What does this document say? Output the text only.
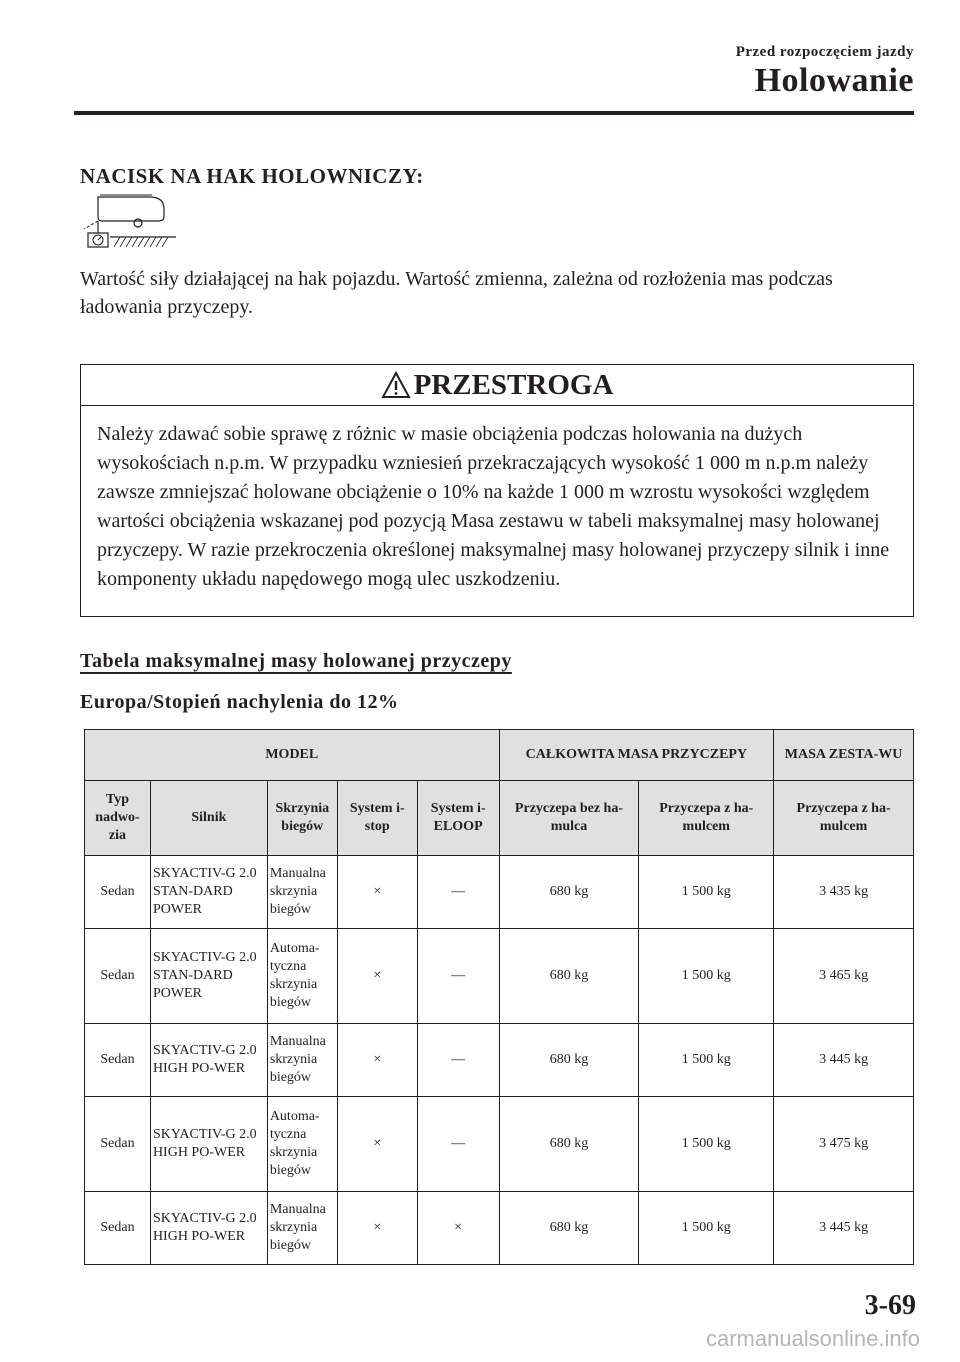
Przed rozpoczęciem jazdy
Holowanie
NACISK NA HAK HOLOWNICZY:
Wartość siły działającej na hak pojazdu. Wartość zmienna, zależna od rozłożenia mas podczas ładowania przyczepy.
PRZESTROGA
Należy zdawać sobie sprawę z różnic w masie obciążenia podczas holowania na dużych wysokościach n.p.m. W przypadku wzniesień przekraczających wysokość 1 000 m n.p.m należy zawsze zmniejszać holowane obciążenie o 10% na każde 1 000 m wzrostu wysokości względem wartości obciążenia wskazanej pod pozycją Masa zestawu w tabeli maksymalnej masy holowanej przyczepy. W razie przekroczenia określonej maksymalnej masy holowanej przyczepy silnik i inne komponenty układu napędowego mogą ulec uszkodzeniu.
Tabela maksymalnej masy holowanej przyczepy
Europa/Stopień nachylenia do 12%
MODEL					CAŁKOWITA MASA PRZYCZEPY		MASA ZESTA-WU
Typ nadwo-zia	Silnik	Skrzynia biegów	System i-stop	System i-ELOOP	Przyczepa bez ha-mulca	Przyczepa z ha-mulcem	Przyczepa z ha-mulcem
Sedan	SKYACTIV-G 2.0 STAN-DARD POWER	Manualna skrzynia biegów	×	—	680 kg	1 500 kg	3 435 kg
Sedan	SKYACTIV-G 2.0 STAN-DARD POWER	Automa-tyczna skrzynia biegów	×	—	680 kg	1 500 kg	3 465 kg
Sedan	SKYACTIV-G 2.0 HIGH PO-WER	Manualna skrzynia biegów	×	—	680 kg	1 500 kg	3 445 kg
Sedan	SKYACTIV-G 2.0 HIGH PO-WER	Automa-tyczna skrzynia biegów	×	—	680 kg	1 500 kg	3 475 kg
Sedan	SKYACTIV-G 2.0 HIGH PO-WER	Manualna skrzynia biegów	×	×	680 kg	1 500 kg	3 445 kg
3-69
carmanualsonline.info
